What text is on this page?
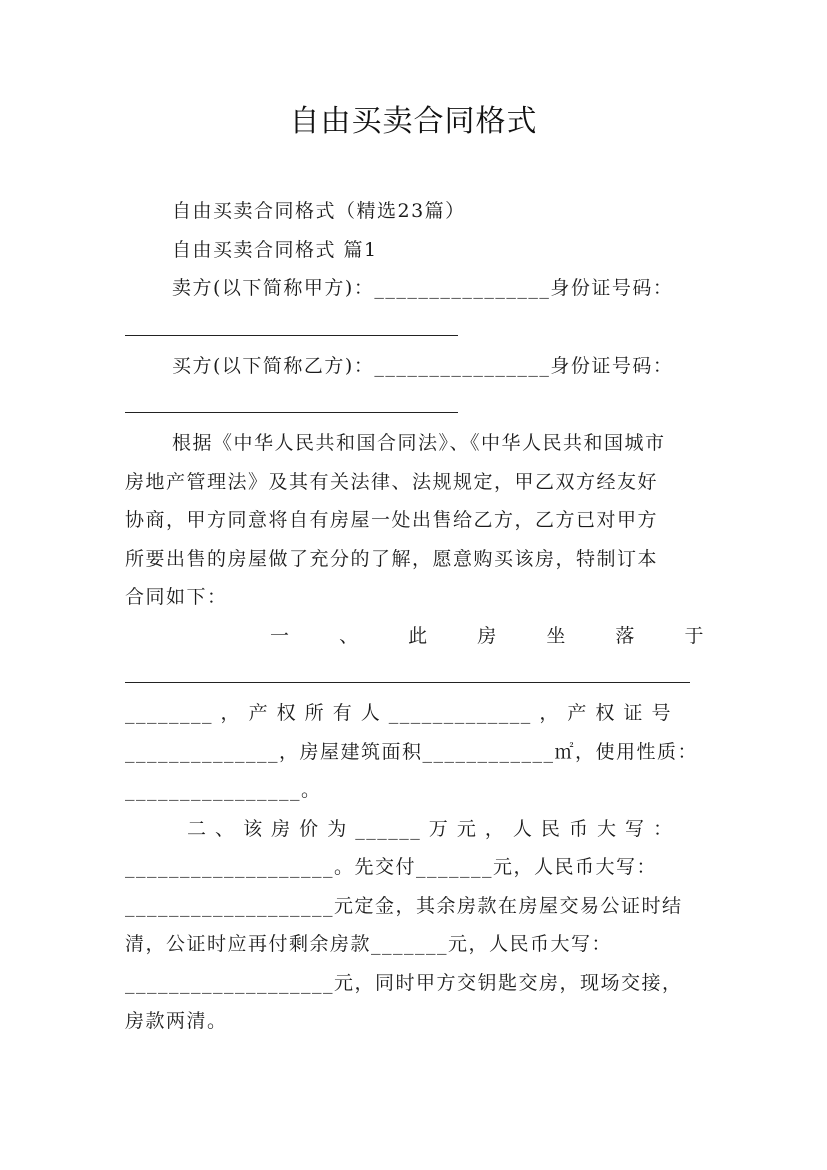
自由买卖合同格式

自由买卖合同格式（精选23篇）

自由买卖合同格式 篇1

卖方(以下简称甲方)：________________身份证号码：

买方(以下简称乙方)：________________身份证号码：

根据《中华人民共和国合同法》、《中华人民共和国城市

房地产管理法》及其有关法律、法规规定，甲乙双方经友好

协商，甲方同意将自有房屋一处出售给乙方，乙方已对甲方

所要出售的房屋做了充分的了解，愿意购买该房，特制订本

合同如下：

一 、 此 房 坐 落 于

________ ， 产 权 所 有 人 _____________ ， 产 权 证 号

______________，房屋建筑面积____________㎡，使用性质：

________________。

二 、 该 房 价 为 ______ 万 元 ， 人 民 币 大 写 ：

___________________。先交付_______元，人民币大写：

___________________元定金，其余房款在房屋交易公证时结

清，公证时应再付剩余房款_______元，人民币大写：

___________________元，同时甲方交钥匙交房，现场交接，

房款两清。
